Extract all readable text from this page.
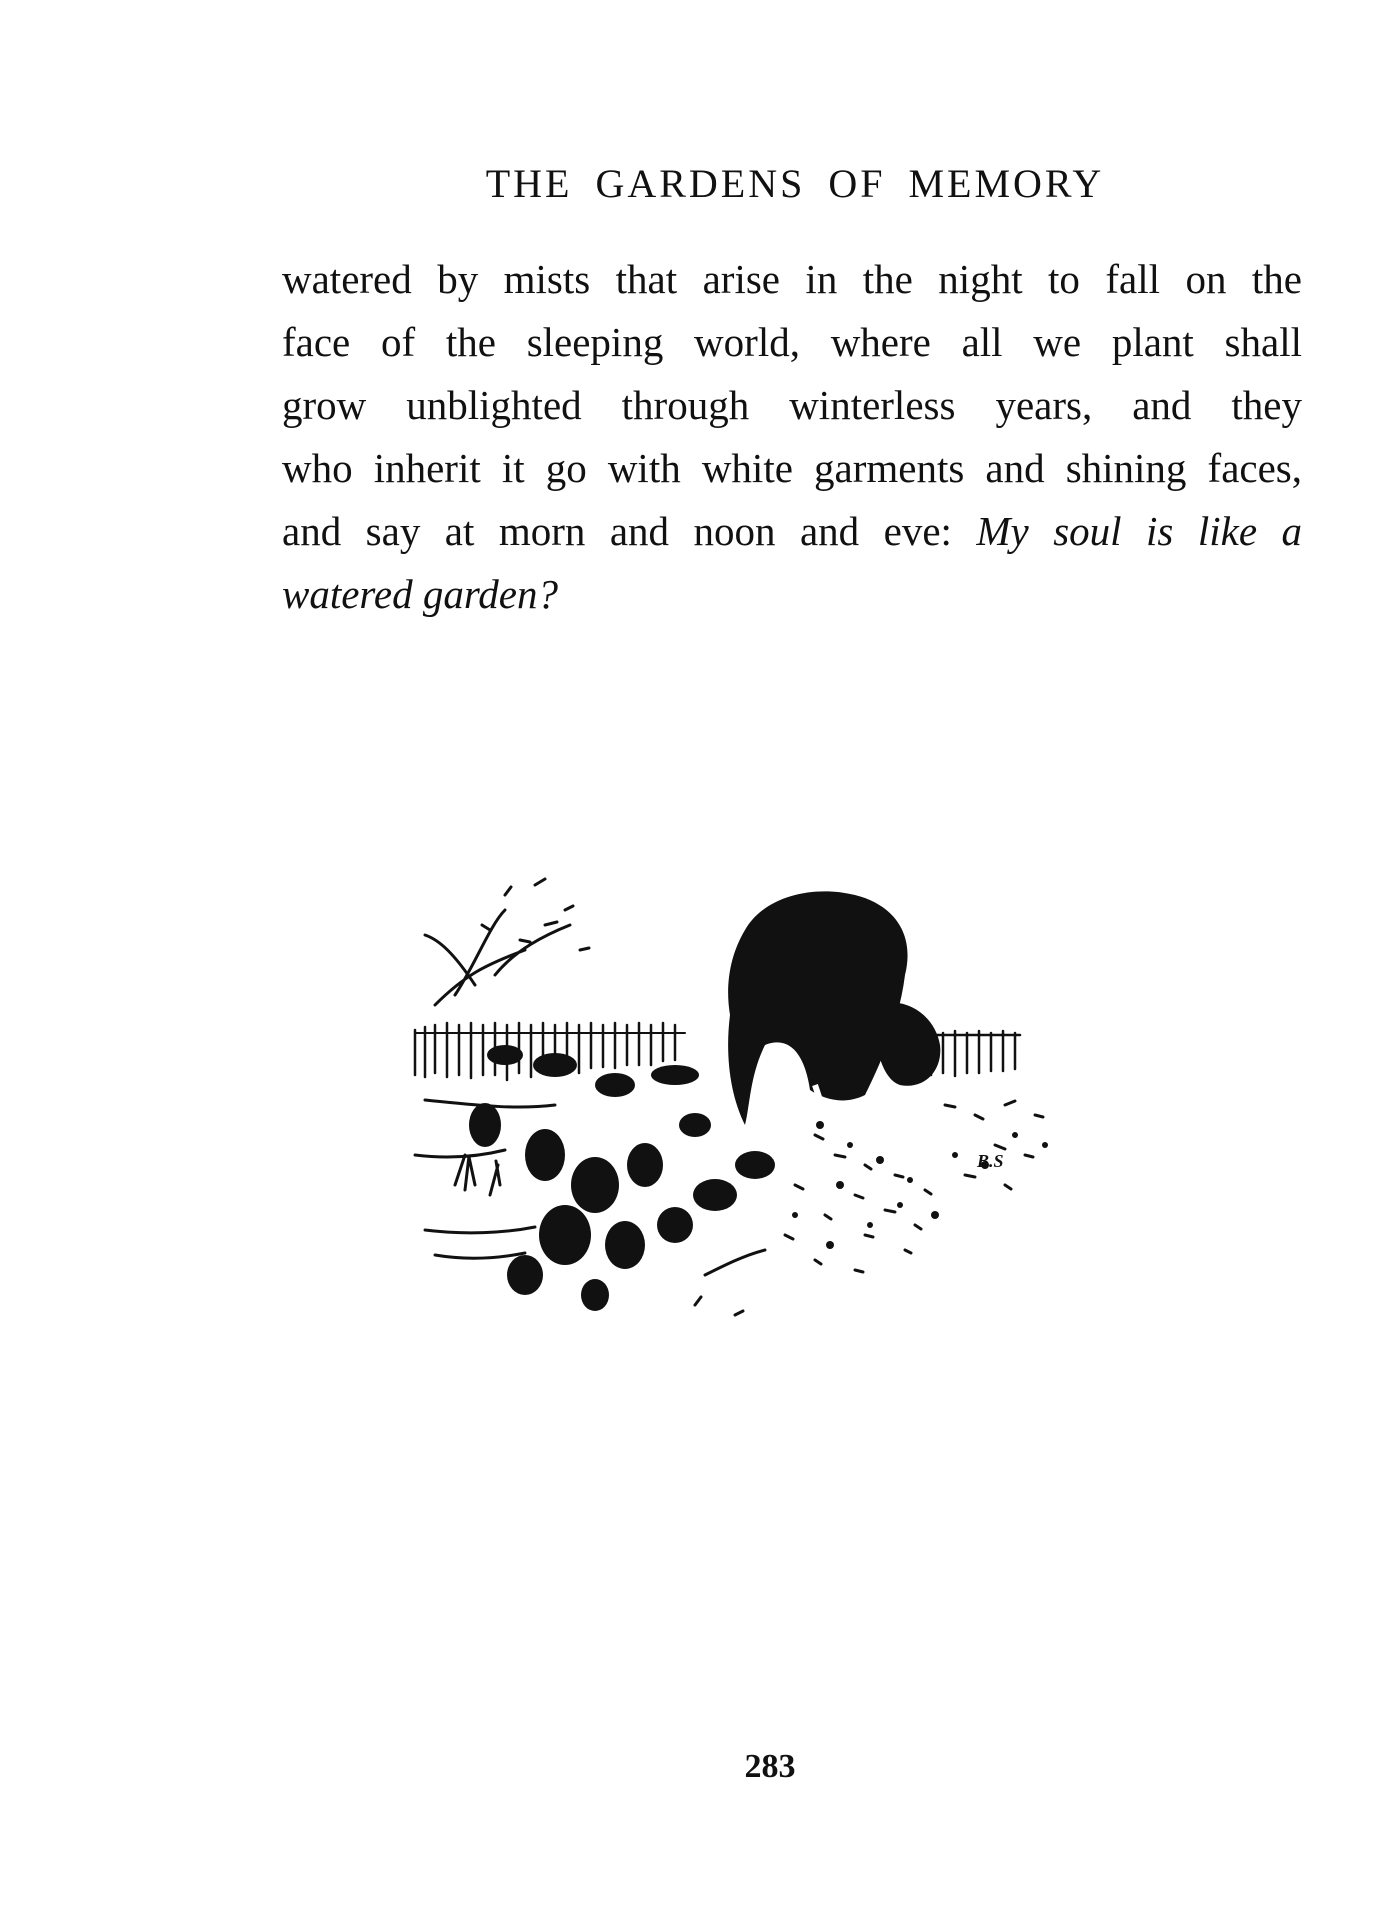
THE GARDENS OF MEMORY
watered by mists that arise in the night to fall on the
face of the sleeping world, where all we plant shall
grow unblighted through winterless years, and they
who inherit it go with white garments and shining faces,
and say at morn and noon and eve: My soul is like a
watered garden?
B.S
283
